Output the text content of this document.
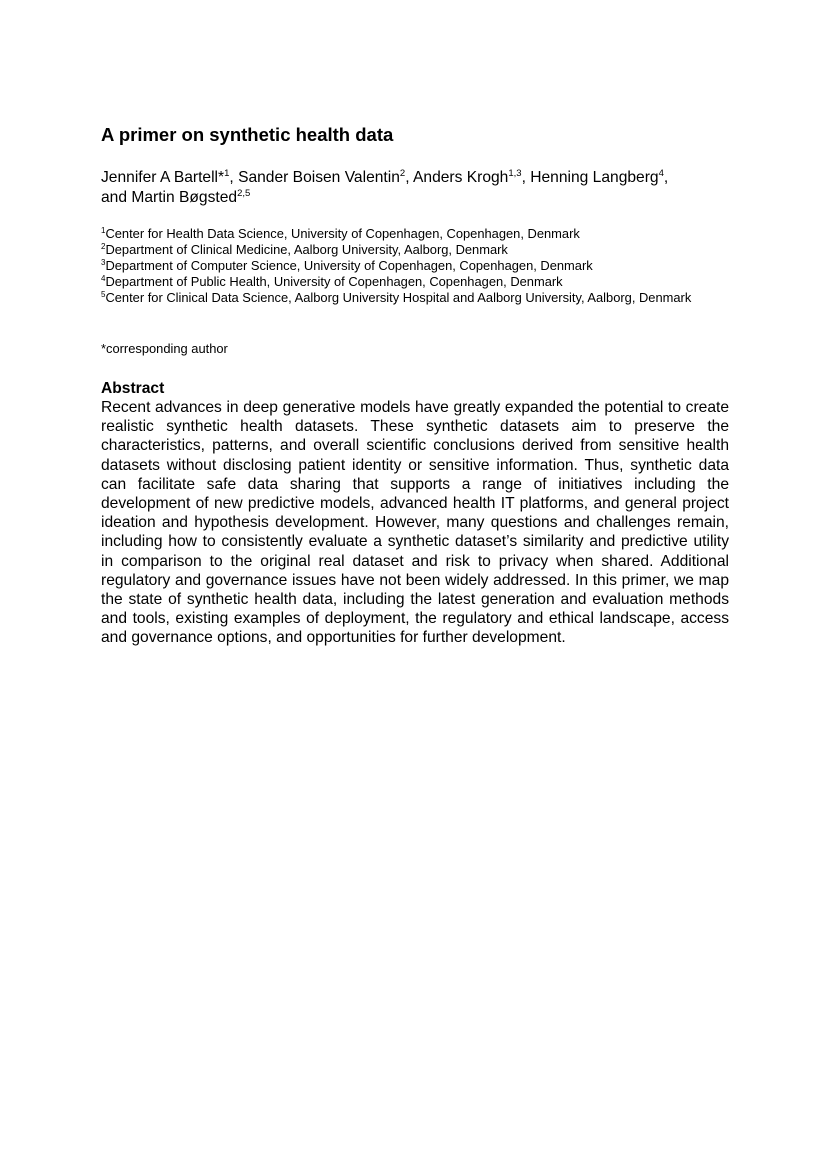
A primer on synthetic health data
Jennifer A Bartell*$^1$, Sander Boisen Valentin$^2$, Anders Krogh$^{1,3}$, Henning Langberg$^4$,
and Martin Bøgsted$^{2,5}$
$^1$Center for Health Data Science, University of Copenhagen, Copenhagen, Denmark
$^2$Department of Clinical Medicine, Aalborg University, Aalborg, Denmark
$^3$Department of Computer Science, University of Copenhagen, Copenhagen, Denmark
$^4$Department of Public Health, University of Copenhagen, Copenhagen, Denmark
$^5$Center for Clinical Data Science, Aalborg University Hospital and Aalborg University, Aalborg, Denmark
*corresponding author
Abstract

Recent advances in deep generative models have greatly expanded the potential to create realistic synthetic health datasets. These synthetic datasets aim to preserve the characteristics, patterns, and overall scientific conclusions derived from sensitive health datasets without disclosing patient identity or sensitive information. Thus, synthetic data can facilitate safe data sharing that supports a range of initiatives including the development of new predictive models, advanced health IT platforms, and general project ideation and hypothesis development. However, many questions and challenges remain, including how to consistently evaluate a synthetic dataset’s similarity and predictive utility in comparison to the original real dataset and risk to privacy when shared. Additional regulatory and governance issues have not been widely addressed. In this primer, we map the state of synthetic health data, including the latest generation and evaluation methods and tools, existing examples of deployment, the regulatory and ethical landscape, access and governance options, and opportunities for further development.
